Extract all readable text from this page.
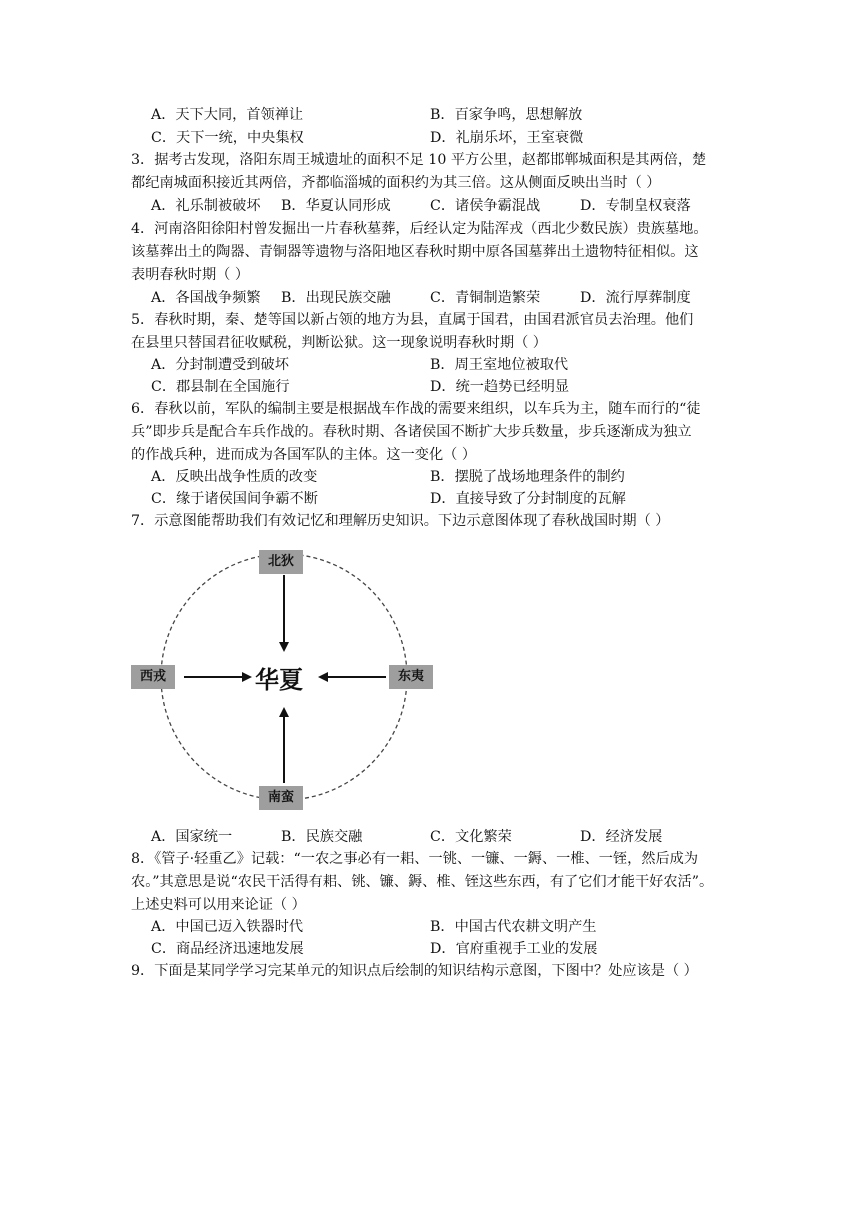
A．天下大同，首领禅让	B．百家争鸣，思想解放
C．天下一统，中央集权	D．礼崩乐坏，王室衰微
3．据考古发现，洛阳东周王城遗址的面积不足 10 平方公里，赵都邯郸城面积是其两倍，楚
都纪南城面积接近其两倍，齐都临淄城的面积约为其三倍。这从侧面反映出当时（ ）
A．礼乐制被破坏 B．华夏认同形成	C．诸侯争霸混战	D．专制皇权衰落
4．河南洛阳徐阳村曾发掘出一片春秋墓葬，后经认定为陆浑戎（西北少数民族）贵族墓地。
该墓葬出土的陶器、青铜器等遗物与洛阳地区春秋时期中原各国墓葬出土遗物特征相似。这
表明春秋时期（ ）
A．各国战争频繁 B．出现民族交融	C．青铜制造繁荣	D．流行厚葬制度
5．春秋时期，秦、楚等国以新占领的地方为县，直属于国君，由国君派官员去治理。他们
在县里只替国君征收赋税，判断讼狱。这一现象说明春秋时期（ ）
A．分封制遭受到破坏	B．周王室地位被取代
C．郡县制在全国施行	D．统一趋势已经明显
6．春秋以前，军队的编制主要是根据战车作战的需要来组织，以车兵为主，随车而行的“徒
兵”即步兵是配合车兵作战的。春秋时期、各诸侯国不断扩大步兵数量，步兵逐渐成为独立
的作战兵种，进而成为各国军队的主体。这一变化（ ）
A．反映出战争性质的改变	B．摆脱了战场地理条件的制约
C．缘于诸侯国间争霸不断	D．直接导致了分封制度的瓦解
7．示意图能帮助我们有效记忆和理解历史知识。下边示意图体现了春秋战国时期（ ）
北狄
西戎	东夷
南蛮
华夏
A．国家统一	B．民族交融	C．文化繁荣	D．经济发展
8．《管子·轻重乙》记载：“一农之事必有一耜、一铫、一镰、一鎒、一椎、一铚，然后成为
农。”其意思是说“农民干活得有耜、铫、镰、鎒、椎、铚这些东西，有了它们才能干好农活”。
上述史料可以用来论证（ ）
A．中国已迈入铁器时代	B．中国古代农耕文明产生
C．商品经济迅速地发展	D．官府重视手工业的发展
9．下面是某同学学习完某单元的知识点后绘制的知识结构示意图，下图中？处应该是（ ）
